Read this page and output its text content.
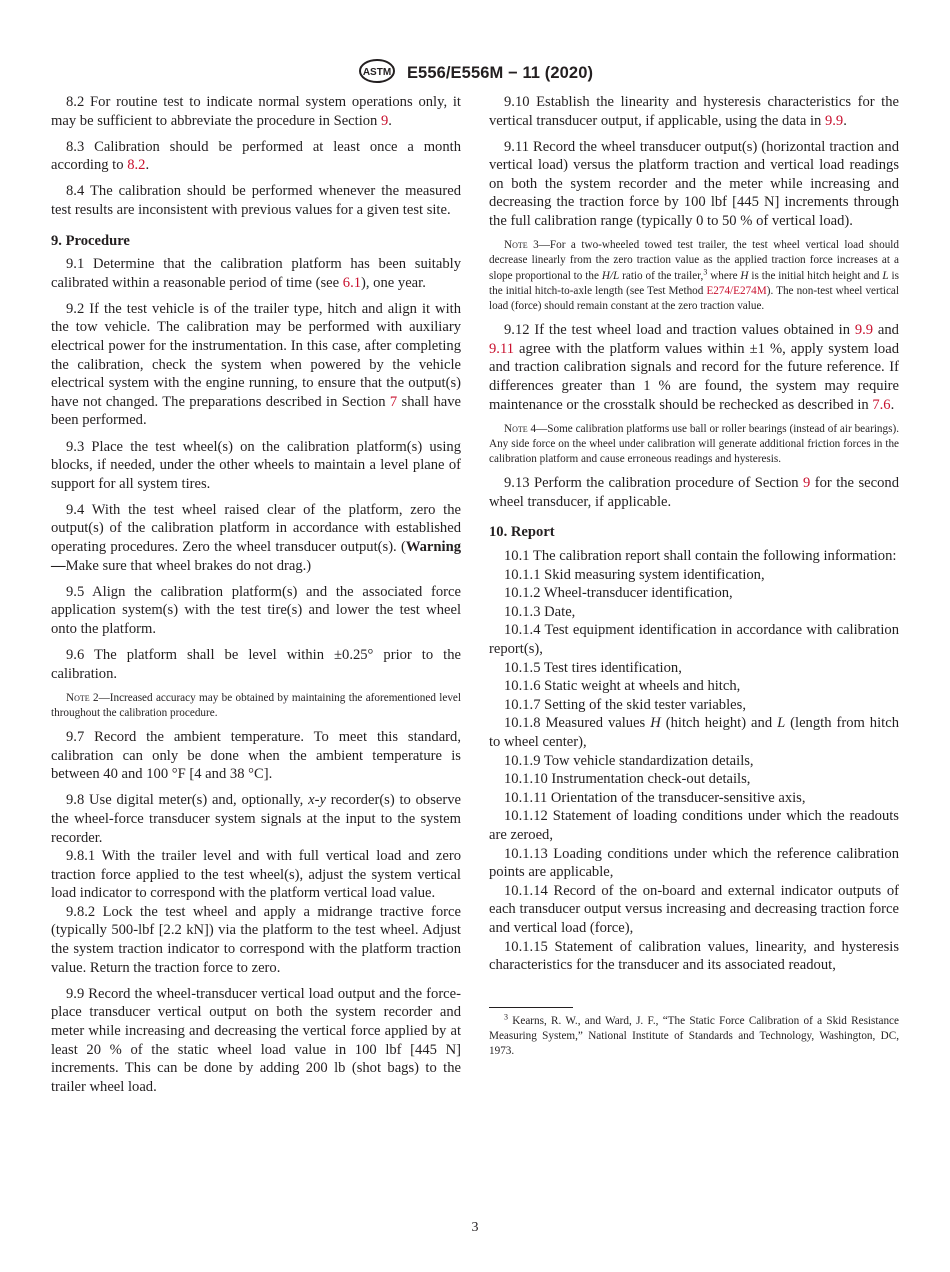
ASTM E556/E556M − 11 (2020)

8.2 For routine test to indicate normal system operations only, it may be sufficient to abbreviate the procedure in Section 9.

8.3 Calibration should be performed at least once a month according to 8.2.

8.4 The calibration should be performed whenever the measured test results are inconsistent with previous values for a given test site.

9. Procedure

9.1 Determine that the calibration platform has been suitably calibrated within a reasonable period of time (see 6.1), one year.

9.2 If the test vehicle is of the trailer type, hitch and align it with the tow vehicle. The calibration may be performed with auxiliary electrical power for the instrumentation. In this case, after completing the calibration, check the system when powered by the vehicle electrical system with the engine running, to ensure that the output(s) have not changed. The preparations described in Section 7 shall have been performed.

9.3 Place the test wheel(s) on the calibration platform(s) using blocks, if needed, under the other wheels to maintain a level plane of support for all system tires.

9.4 With the test wheel raised clear of the platform, zero the output(s) of the calibration platform in accordance with established operating procedures. Zero the wheel transducer output(s). (Warning—Make sure that wheel brakes do not drag.)

9.5 Align the calibration platform(s) and the associated force application system(s) with the test tire(s) and lower the test wheel onto the platform.

9.6 The platform shall be level within ±0.25° prior to the calibration.

Note 2—Increased accuracy may be obtained by maintaining the aforementioned level throughout the calibration procedure.

9.7 Record the ambient temperature. To meet this standard, calibration can only be done when the ambient temperature is between 40 and 100 °F [4 and 38 °C].

9.8 Use digital meter(s) and, optionally, x-y recorder(s) to observe the wheel-force transducer system signals at the input to the system recorder.

9.8.1 With the trailer level and with full vertical load and zero traction force applied to the test wheel(s), adjust the system vertical load indicator to correspond with the platform vertical load value.

9.8.2 Lock the test wheel and apply a midrange tractive force (typically 500-lbf [2.2 kN]) via the platform to the test wheel. Adjust the system traction indicator to correspond with the platform traction value. Return the traction force to zero.

9.9 Record the wheel-transducer vertical load output and the force-place transducer vertical output on both the system recorder and meter while increasing and decreasing the vertical force applied by at least 20 % of the static wheel load value in 100 lbf [445 N] increments. This can be done by adding 200 lb (shot bags) to the trailer wheel load.

9.10 Establish the linearity and hysteresis characteristics for the vertical transducer output, if applicable, using the data in 9.9.

9.11 Record the wheel transducer output(s) (horizontal traction and vertical load) versus the platform traction and vertical load readings on both the system recorder and the meter while increasing and decreasing the traction force by 100 lbf [445 N] increments through the full calibration range (typically 0 to 50 % of vertical load).

Note 3—For a two-wheeled towed test trailer, the test wheel vertical load should decrease linearly from the zero traction value as the applied traction force increases at a slope proportional to the H/L ratio of the trailer,$^3$ where H is the initial hitch height and L is the initial hitch-to-axle length (see Test Method E274/E274M). The non-test wheel vertical load (force) should remain constant at the zero traction value.

9.12 If the test wheel load and traction values obtained in 9.9 and 9.11 agree with the platform values within ±1 %, apply system load and traction calibration signals and record for the future reference. If differences greater than 1 % are found, the system may require maintenance or the crosstalk should be rechecked as described in 7.6.

Note 4—Some calibration platforms use ball or roller bearings (instead of air bearings). Any side force on the wheel under calibration will generate additional friction forces in the calibration platform and cause erroneous readings and hysteresis.

9.13 Perform the calibration procedure of Section 9 for the second wheel transducer, if applicable.

10. Report

10.1 The calibration report shall contain the following information:

10.1.1 Skid measuring system identification,

10.1.2 Wheel-transducer identification,

10.1.3 Date,

10.1.4 Test equipment identification in accordance with calibration report(s),

10.1.5 Test tires identification,

10.1.6 Static weight at wheels and hitch,

10.1.7 Setting of the skid tester variables,

10.1.8 Measured values H (hitch height) and L (length from hitch to wheel center),

10.1.9 Tow vehicle standardization details,

10.1.10 Instrumentation check-out details,

10.1.11 Orientation of the transducer-sensitive axis,

10.1.12 Statement of loading conditions under which the readouts are zeroed,

10.1.13 Loading conditions under which the reference calibration points are applicable,

10.1.14 Record of the on-board and external indicator outputs of each transducer output versus increasing and decreasing traction force and vertical load (force),

10.1.15 Statement of calibration values, linearity, and hysteresis characteristics for the transducer and its associated readout,

$^3$ Kearns, R. W., and Ward, J. F., “The Static Force Calibration of a Skid Resistance Measuring System,” National Institute of Standards and Technology, Washington, DC, 1973.

3
